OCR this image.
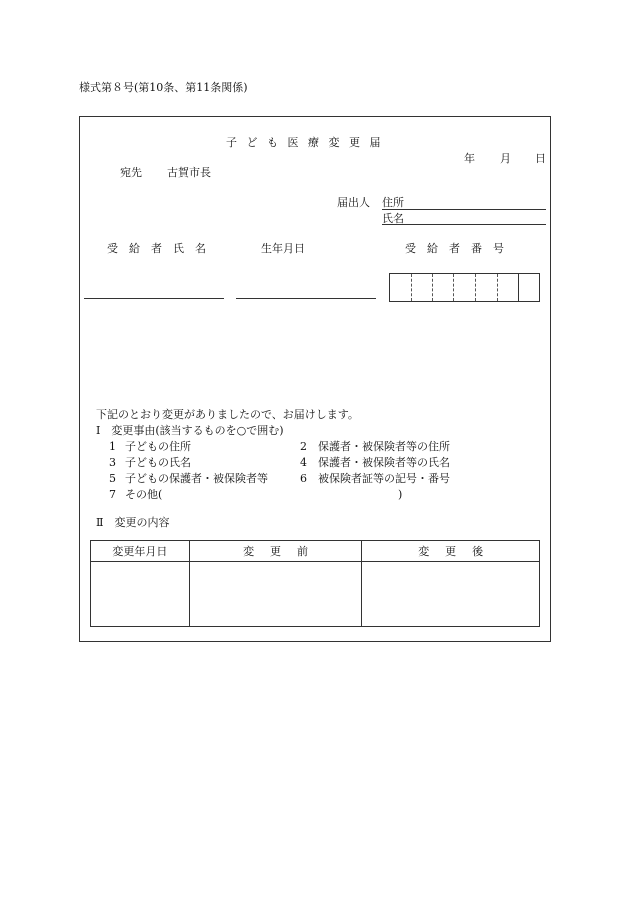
様式第８号(第10条、第11条関係)
子ども医療変更届
年 月 日
宛先 古賀市長
届出人 住所
氏名
受給者氏名	生年月日	受給者番号
下記のとおり変更がありましたので、お届けします。
Ⅰ　変更事由(該当するものを○で囲む)
1 子どもの住所	2 保護者・被保険者等の住所
3 子どもの氏名	4 保護者・被保険者等の氏名
5 子どもの保護者・被保険者等	6 被保険者証等の記号・番号
7 その他(	)
Ⅱ　変更の内容
変更年月日	変更前	変更後
